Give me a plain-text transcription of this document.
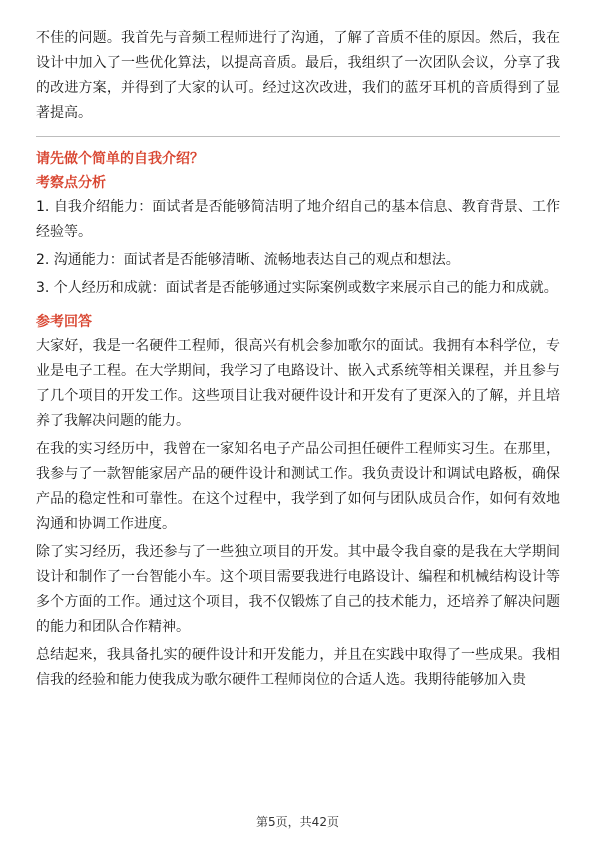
不佳的问题。我首先与音频工程师进行了沟通，了解了音质不佳的原因。然后，我在设计中加入了一些优化算法，以提高音质。最后，我组织了一次团队会议，分享了我的改进方案，并得到了大家的认可。经过这次改进，我们的蓝牙耳机的音质得到了显著提高。

请先做个简单的自我介绍？
考察点分析

1. 自我介绍能力：面试者是否能够简洁明了地介绍自己的基本信息、教育背景、工作经验等。

2. 沟通能力：面试者是否能够清晰、流畅地表达自己的观点和想法。

3. 个人经历和成就：面试者是否能够通过实际案例或数字来展示自己的能力和成就。

参考回答

大家好，我是一名硬件工程师，很高兴有机会参加歌尔的面试。我拥有本科学位，专业是电子工程。在大学期间，我学习了电路设计、嵌入式系统等相关课程，并且参与了几个项目的开发工作。这些项目让我对硬件设计和开发有了更深入的了解，并且培养了我解决问题的能力。

在我的实习经历中，我曾在一家知名电子产品公司担任硬件工程师实习生。在那里，我参与了一款智能家居产品的硬件设计和测试工作。我负责设计和调试电路板，确保产品的稳定性和可靠性。在这个过程中，我学到了如何与团队成员合作，如何有效地沟通和协调工作进度。

除了实习经历，我还参与了一些独立项目的开发。其中最令我自豪的是我在大学期间设计和制作了一台智能小车。这个项目需要我进行电路设计、编程和机械结构设计等多个方面的工作。通过这个项目，我不仅锻炼了自己的技术能力，还培养了解决问题的能力和团队合作精神。

总结起来，我具备扎实的硬件设计和开发能力，并且在实践中取得了一些成果。我相信我的经验和能力使我成为歌尔硬件工程师岗位的合适人选。我期待能够加入贵

第5页，共42页
